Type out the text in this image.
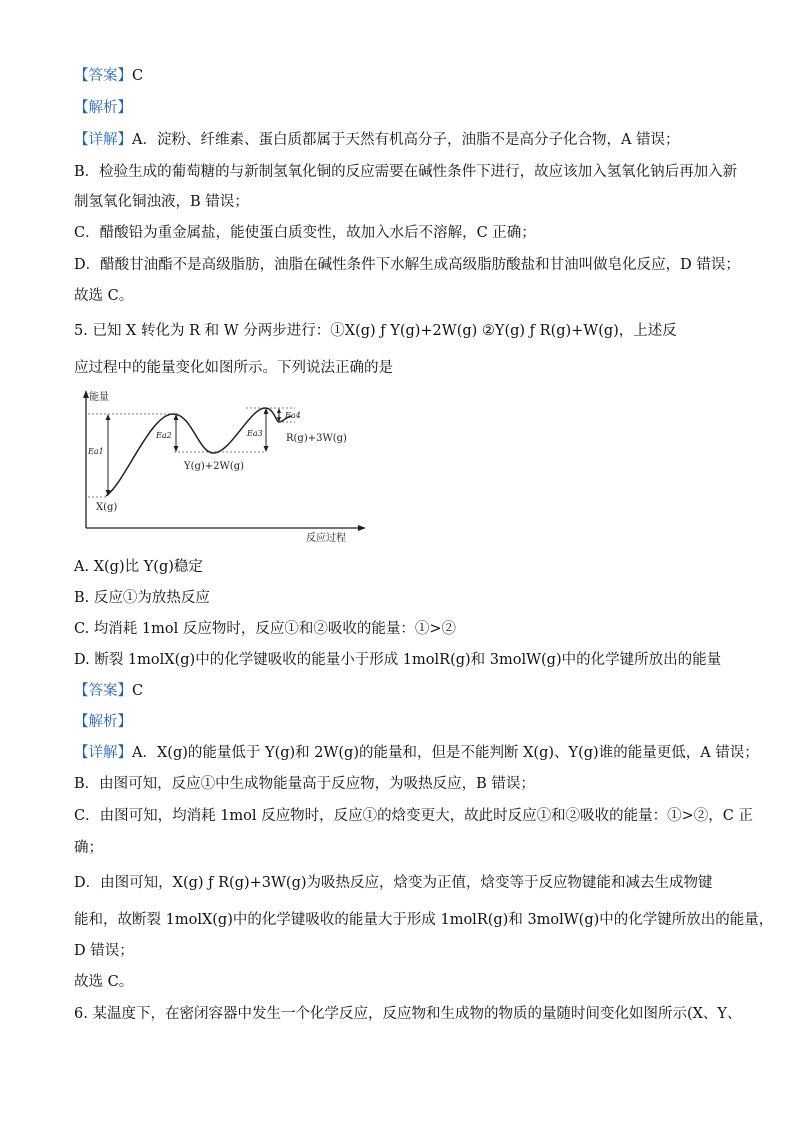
【答案】C
【解析】
【详解】A．淀粉、纤维素、蛋白质都属于天然有机高分子，油脂不是高分子化合物，A 错误；
B．检验生成的葡萄糖的与新制氢氧化铜的反应需要在碱性条件下进行，故应该加入氢氧化钠后再加入新
制氢氧化铜浊液，B 错误；
C．醋酸铅为重金属盐，能使蛋白质变性，故加入水后不溶解，C 正确；
D．醋酸甘油酯不是高级脂肪，油脂在碱性条件下水解生成高级脂肪酸盐和甘油叫做皂化反应，D 错误；
故选 C。
5. 已知 X 转化为 R 和 W 分两步进行：①X(g) ƒ Y(g)+2W(g) ②Y(g) ƒ R(g)+W(g)，上述反
应过程中的能量变化如图所示。下列说法正确的是
能量
Ea1
Ea2	Ea3
Ea4
X(g)
Y(g)+2W(g)
R(g)+3W(g)
反应过程
A. X(g)比 Y(g)稳定
B. 反应①为放热反应
C. 均消耗 1mol 反应物时，反应①和②吸收的能量：①>②
D. 断裂 1molX(g)中的化学键吸收的能量小于形成 1molR(g)和 3molW(g)中的化学键所放出的能量
【答案】C
【解析】
【详解】A．X(g)的能量低于 Y(g)和 2W(g)的能量和，但是不能判断 X(g)、Y(g)谁的能量更低，A 错误；
B．由图可知，反应①中生成物能量高于反应物，为吸热反应，B 错误；
C．由图可知，均消耗 1mol 反应物时，反应①的焓变更大，故此时反应①和②吸收的能量：①>②，C 正
确；
D．由图可知，X(g) ƒ R(g)+3W(g)为吸热反应，焓变为正值，焓变等于反应物键能和减去生成物键
能和，故断裂 1molX(g)中的化学键吸收的能量大于形成 1molR(g)和 3molW(g)中的化学键所放出的能量，
D 错误；
故选 C。
6. 某温度下，在密闭容器中发生一个化学反应，反应物和生成物的物质的量随时间变化如图所示(X、Y、
